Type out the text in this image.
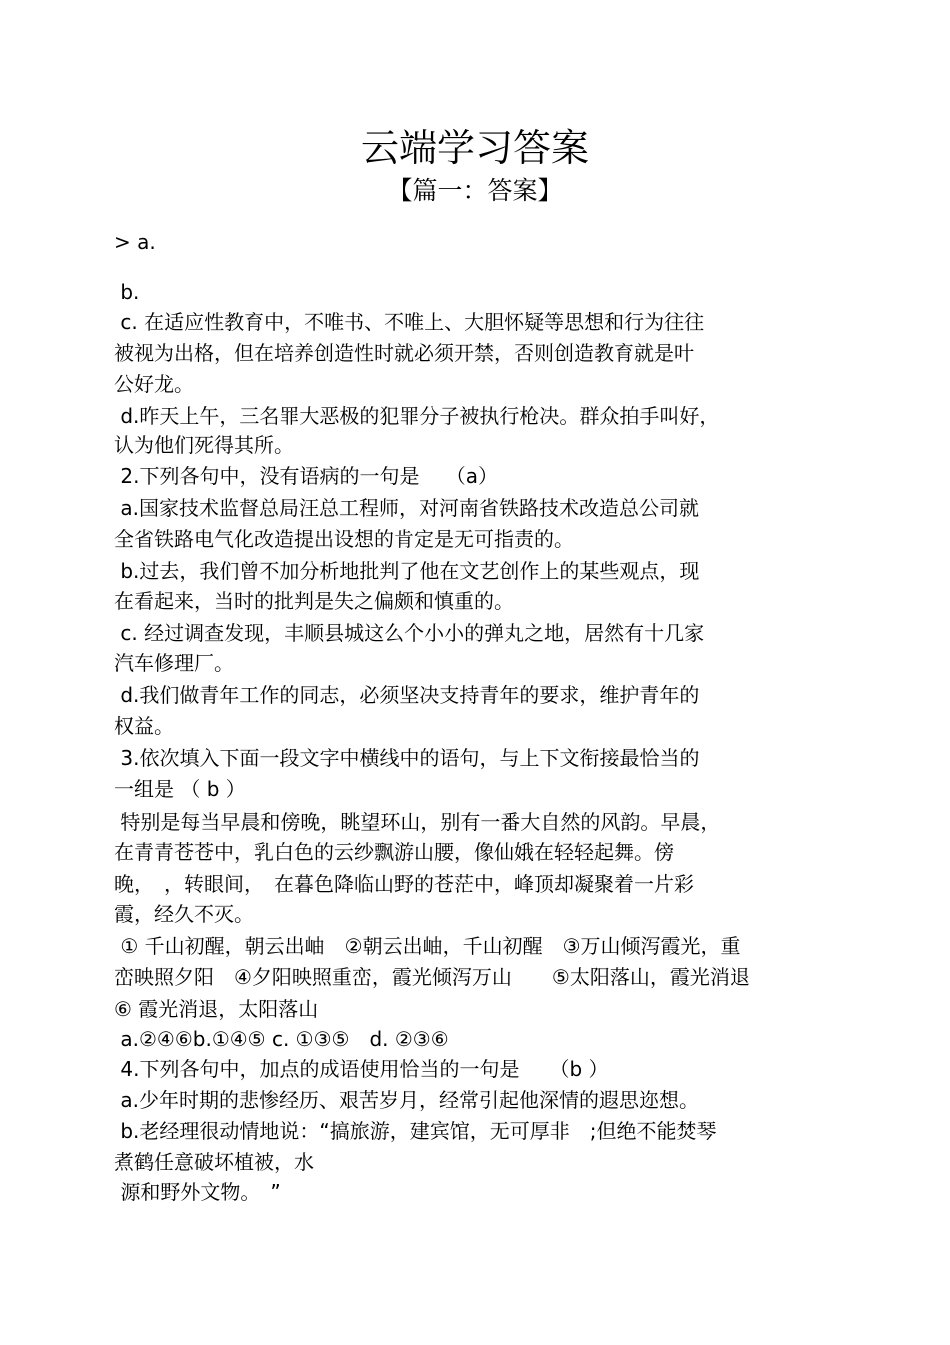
云端学习答案
【篇一：答案】
> a.
b.
c. 在适应性教育中，不唯书、不唯上、大胆怀疑等思想和行为往往
被视为出格，但在培养创造性时就必须开禁，否则创造教育就是叶
公好龙。
d.昨天上午，三名罪大恶极的犯罪分子被执行枪决。群众拍手叫好，
认为他们死得其所。
2.下列各句中，没有语病的一句是　 （a）
a.国家技术监督总局汪总工程师，对河南省铁路技术改造总公司就
全省铁路电气化改造提出设想的肯定是无可指责的。
b.过去，我们曾不加分析地批判了他在文艺创作上的某些观点，现
在看起来，当时的批判是失之偏颇和慎重的。
c. 经过调查发现，丰顺县城这么个小小的弹丸之地，居然有十几家
汽车修理厂。
d.我们做青年工作的同志，必须坚决支持青年的要求，维护青年的
权益。
3.依次填入下面一段文字中横线中的语句，与上下文衔接最恰当的
一组是 （ b ）
特别是每当早晨和傍晚，眺望环山，别有一番大自然的风韵。早晨，
在青青苍苍中，乳白色的云纱飘游山腰，像仙娥在轻轻起舞。傍
晚，　，转眼间，　在暮色降临山野的苍茫中，峰顶却凝聚着一片彩
霞，经久不灭。
① 千山初醒，朝云出岫　②朝云出岫，千山初醒　③万山倾泻霞光，重
峦映照夕阳　④夕阳映照重峦，霞光倾泻万山　　⑤太阳落山，霞光消退
⑥ 霞光消退，太阳落山
a.②④⑥b.①④⑤ c. ①③⑤　d. ②③⑥
4.下列各句中，加点的成语使用恰当的一句是　　（b ）
a.少年时期的悲惨经历、艰苦岁月，经常引起他深情的遐思迩想。
b.老经理很动情地说：“搞旅游，建宾馆，无可厚非　;但绝不能焚琴
煮鹤任意破坏植被，水
源和野外文物。　”
